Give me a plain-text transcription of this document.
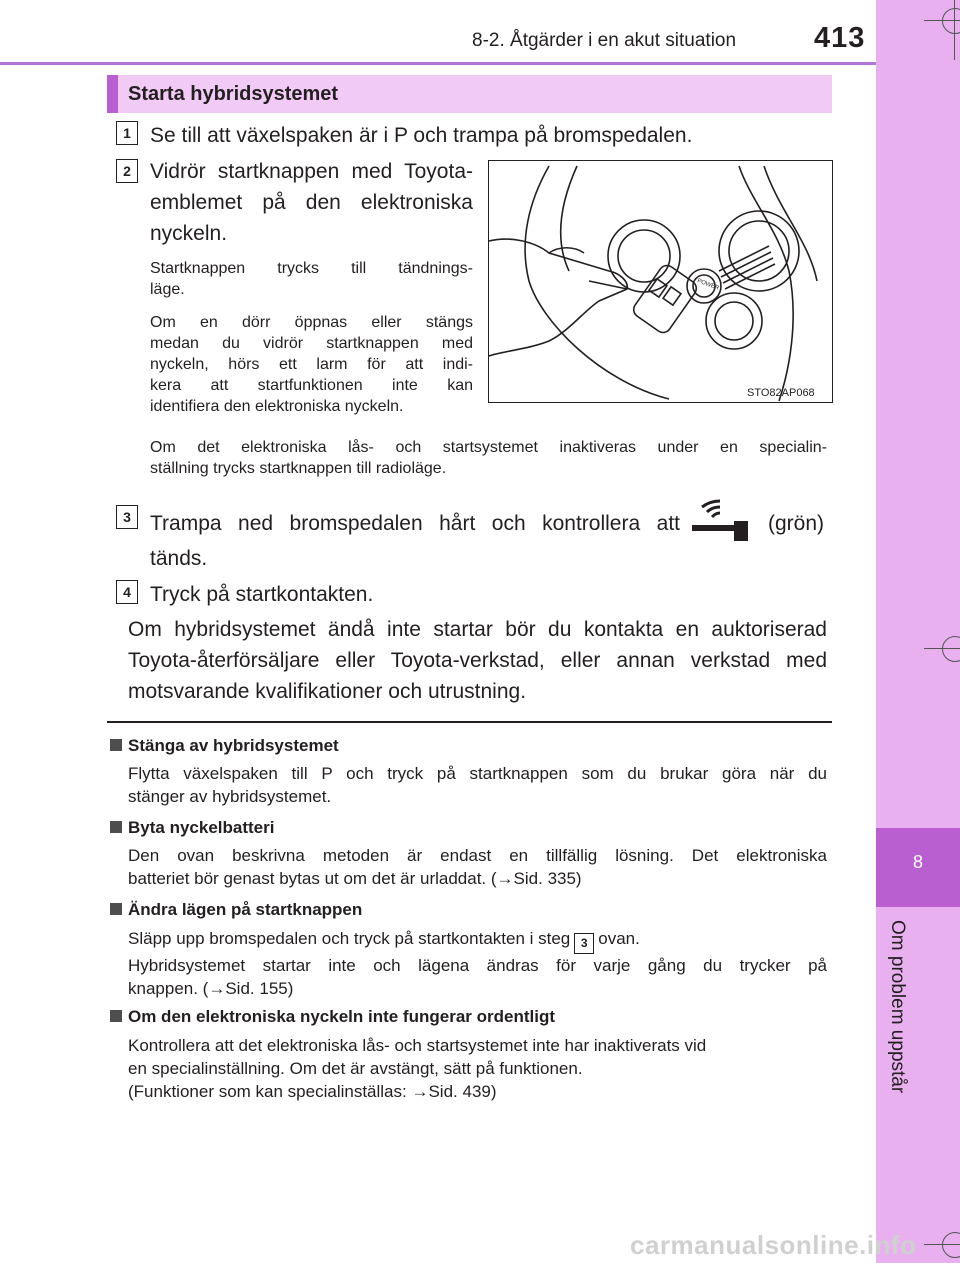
8
Om problem uppstår
8-2. Åtgärder i en akut situation	413
Starta hybridsystemet
1 Se till att växelspaken är i P och trampa på bromspedalen.
2 Vidrör startknappen med Toyota-
emblemet på den elektroniska
nyckeln.
Startknappen trycks till tändnings-
läge.
Om en dörr öppnas eller stängs
medan du vidrör startknappen med
nyckeln, hörs ett larm för att indi-
kera att startfunktionen inte kan
identifiera den elektroniska nyckeln.
POWER
STO82AP068
Om det elektroniska lås- och startsystemet inaktiveras under en specialin-
ställning trycks startknappen till radioläge.
3 Trampa ned bromspedalen hårt och kontrollera att	(grön)
tänds.
4 Tryck på startkontakten.
Om hybridsystemet ändå inte startar bör du kontakta en auktoriserad
Toyota-återförsäljare eller Toyota-verkstad, eller annan verkstad med
motsvarande kvalifikationer och utrustning.
Stänga av hybridsystemet
Flytta växelspaken till P och tryck på startknappen som du brukar göra när du
stänger av hybridsystemet.
Byta nyckelbatteri
Den ovan beskrivna metoden är endast en tillfällig lösning. Det elektroniska
batteriet bör genast bytas ut om det är urladdat. (→Sid. 335)
Ändra lägen på startknappen
Släpp upp bromspedalen och tryck på startkontakten i steg 3 ovan.
Hybridsystemet startar inte och lägena ändras för varje gång du trycker på
knappen. (→Sid. 155)
Om den elektroniska nyckeln inte fungerar ordentligt
Kontrollera att det elektroniska lås- och startsystemet inte har inaktiverats vid
en specialinställning. Om det är avstängt, sätt på funktionen.
(Funktioner som kan specialinställas: →Sid. 439)
carmanualsonline.info
